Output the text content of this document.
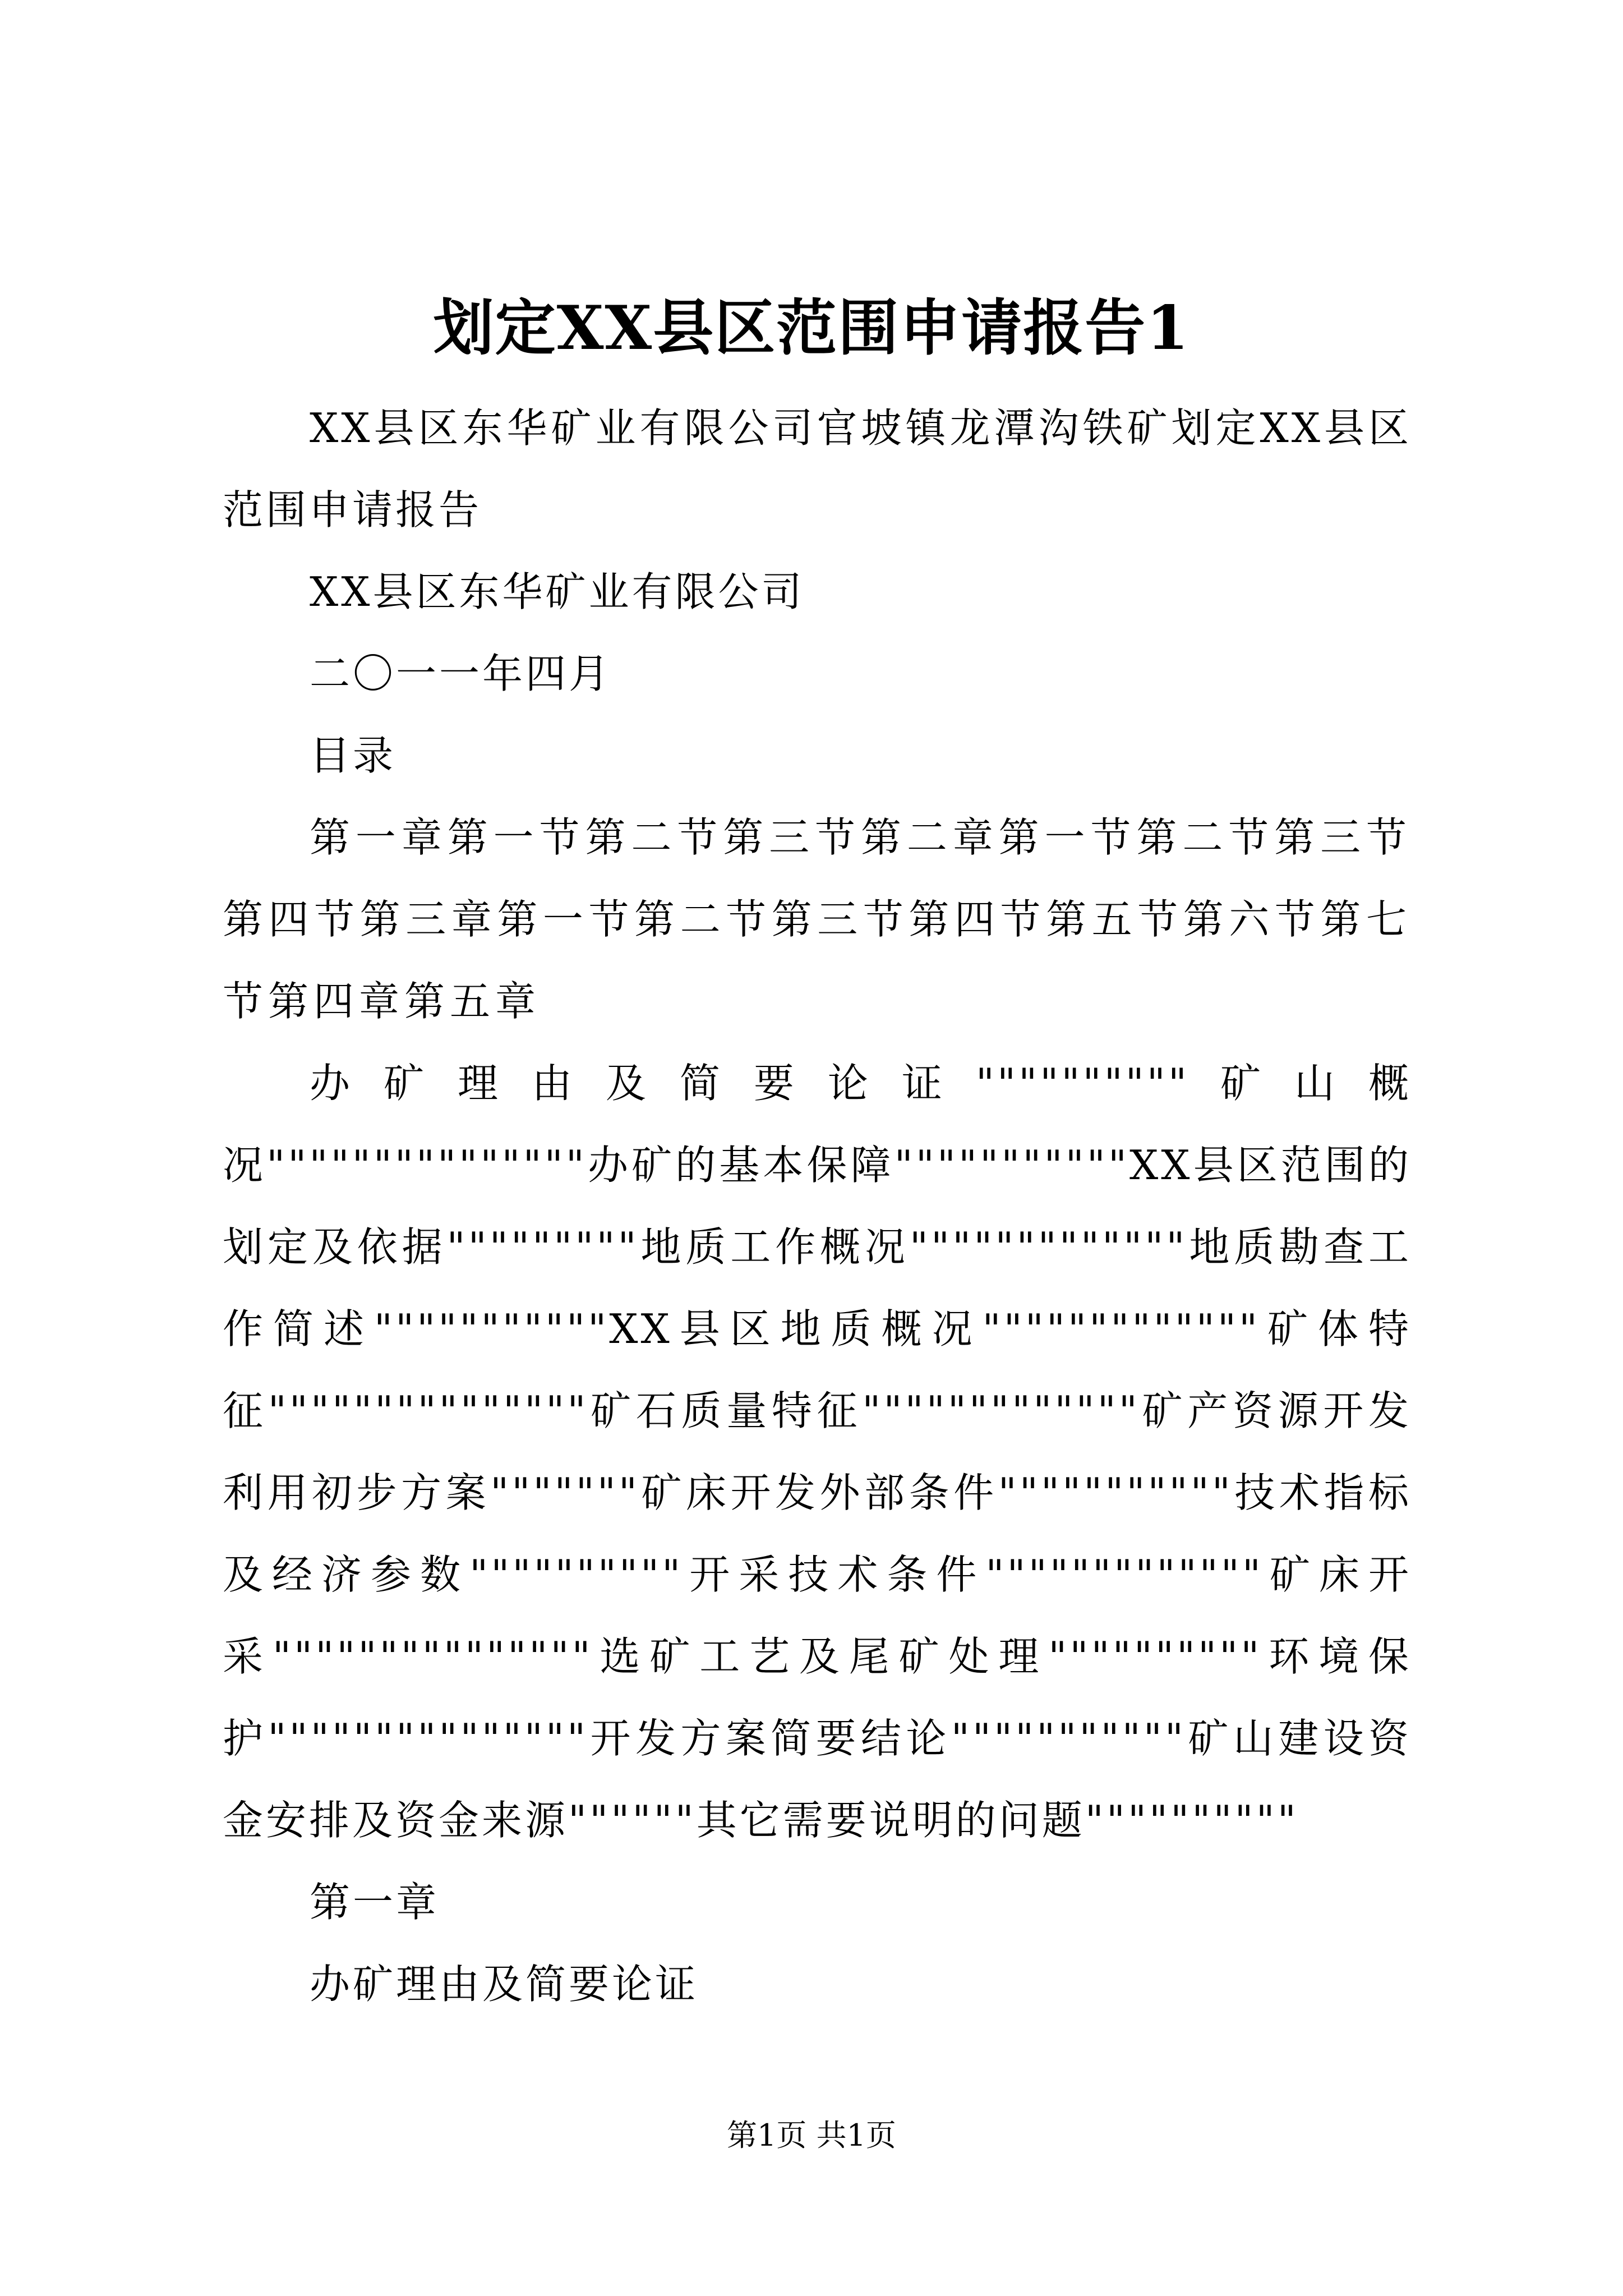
划定XX县区范围申请报告1

XX县区东华矿业有限公司官坡镇龙潭沟铁矿划定XX县区范围申请报告

XX县区东华矿业有限公司

二〇一一年四月

目录

第一章第一节第二节第三节第二章第一节第二节第三节第四节第三章第一节第二节第三节第四节第五节第六节第七节第四章第五章

办矿理由及简要论证""""""""""矿山概况"""""""""""""""办矿的基本保障"""""""""""XX县区范围的划定及依据"""""""""地质工作概况"""""""""""""地质勘查工作简述"""""""""""XX县区地质概况"""""""""""""矿体特征"""""""""""""""矿石质量特征"""""""""""""矿产资源开发利用初步方案"""""""矿床开发外部条件"""""""""""技术指标及经济参数""""""""""开采技术条件"""""""""""""矿床开采"""""""""""""""选矿工艺及尾矿处理""""""""""环境保护"""""""""""""""开发方案简要结论"""""""""""矿山建设资金安排及资金来源""""""其它需要说明的问题""""""""""

第一章

办矿理由及简要论证

第1页 共1页
